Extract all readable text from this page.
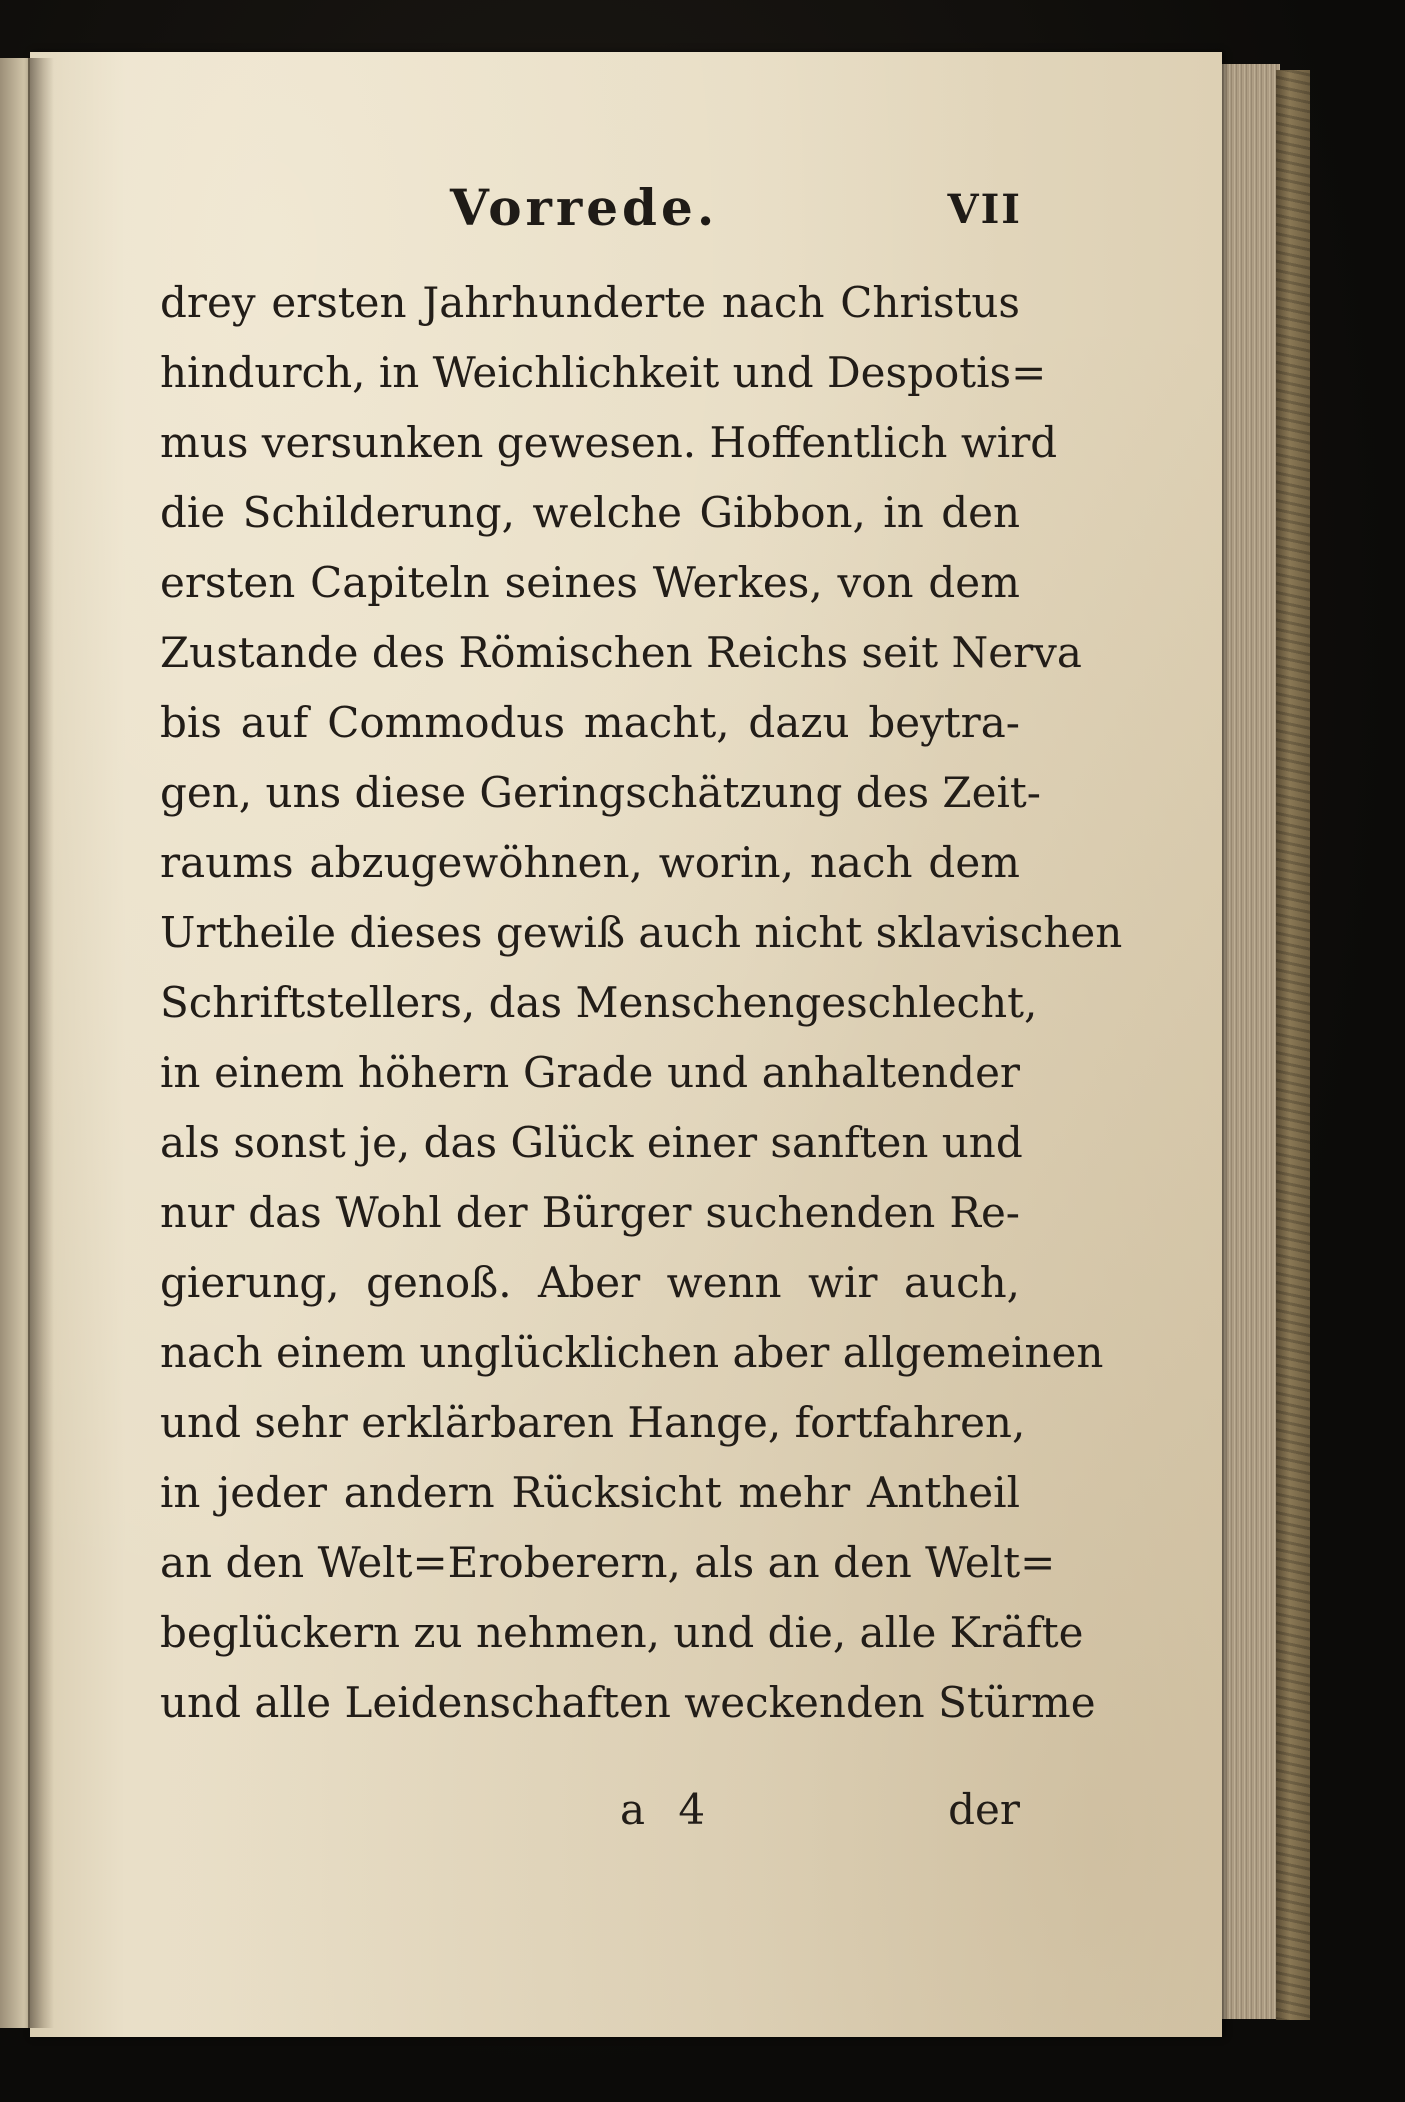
Vorrede.	VII
drey ersten Jahrhunderte nach Christus
hindurch, in Weichlichkeit und Despotis=
mus versunken gewesen. Hoffentlich wird
die Schilderung, welche Gibbon, in den
ersten Capiteln seines Werkes, von dem
Zustande des Römischen Reichs seit Nerva
bis auf Commodus macht, dazu beytra-
gen, uns diese Geringschätzung des Zeit-
raums abzugewöhnen, worin, nach dem
Urtheile dieses gewiß auch nicht sklavischen
Schriftstellers, das Menschengeschlecht,
in einem höhern Grade und anhaltender
als sonst je, das Glück einer sanften und
nur das Wohl der Bürger suchenden Re-
gierung, genoß. Aber wenn wir auch,
nach einem unglücklichen aber allgemeinen
und sehr erklärbaren Hange, fortfahren,
in jeder andern Rücksicht mehr Antheil
an den Welt=Eroberern, als an den Welt=
beglückern zu nehmen, und die, alle Kräfte
und alle Leidenschaften weckenden Stürme
a 4	der
